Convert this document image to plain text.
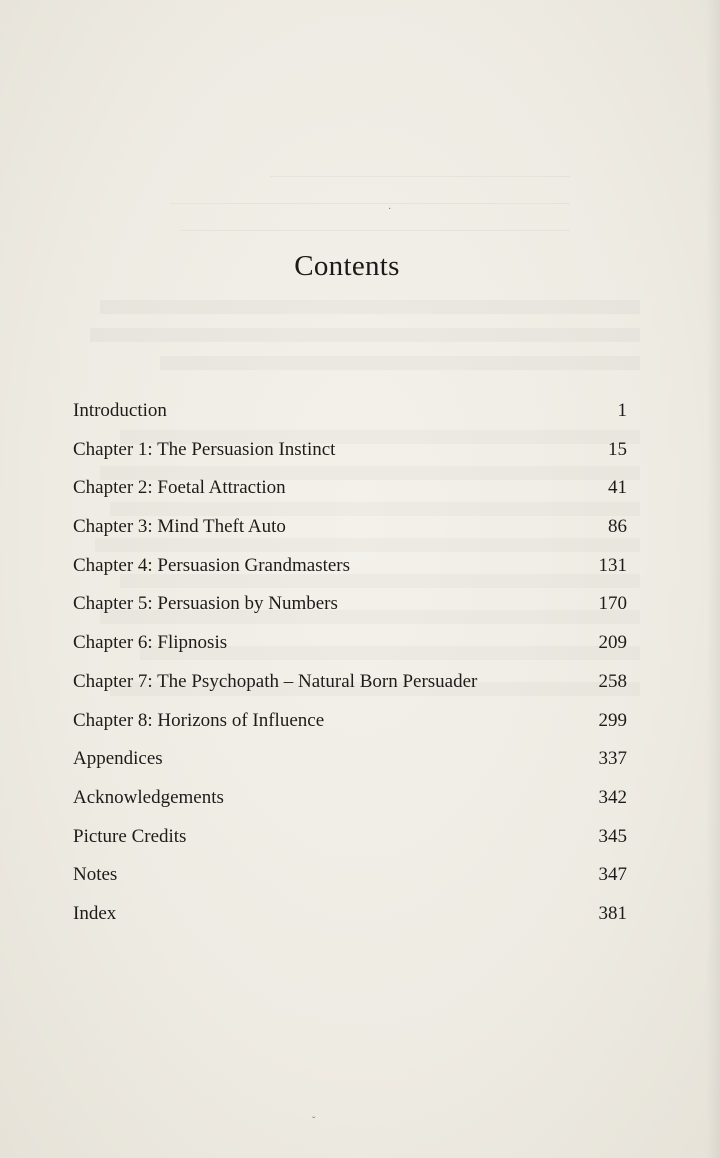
·
ˇ
Contents
Introduction	1
Chapter 1: The Persuasion Instinct	15
Chapter 2: Foetal Attraction	41
Chapter 3: Mind Theft Auto	86
Chapter 4: Persuasion Grandmasters	131
Chapter 5: Persuasion by Numbers	170
Chapter 6: Flipnosis	209
Chapter 7: The Psychopath – Natural Born Persuader	258
Chapter 8: Horizons of Influence	299
Appendices	337
Acknowledgements	342
Picture Credits	345
Notes	347
Index	381
